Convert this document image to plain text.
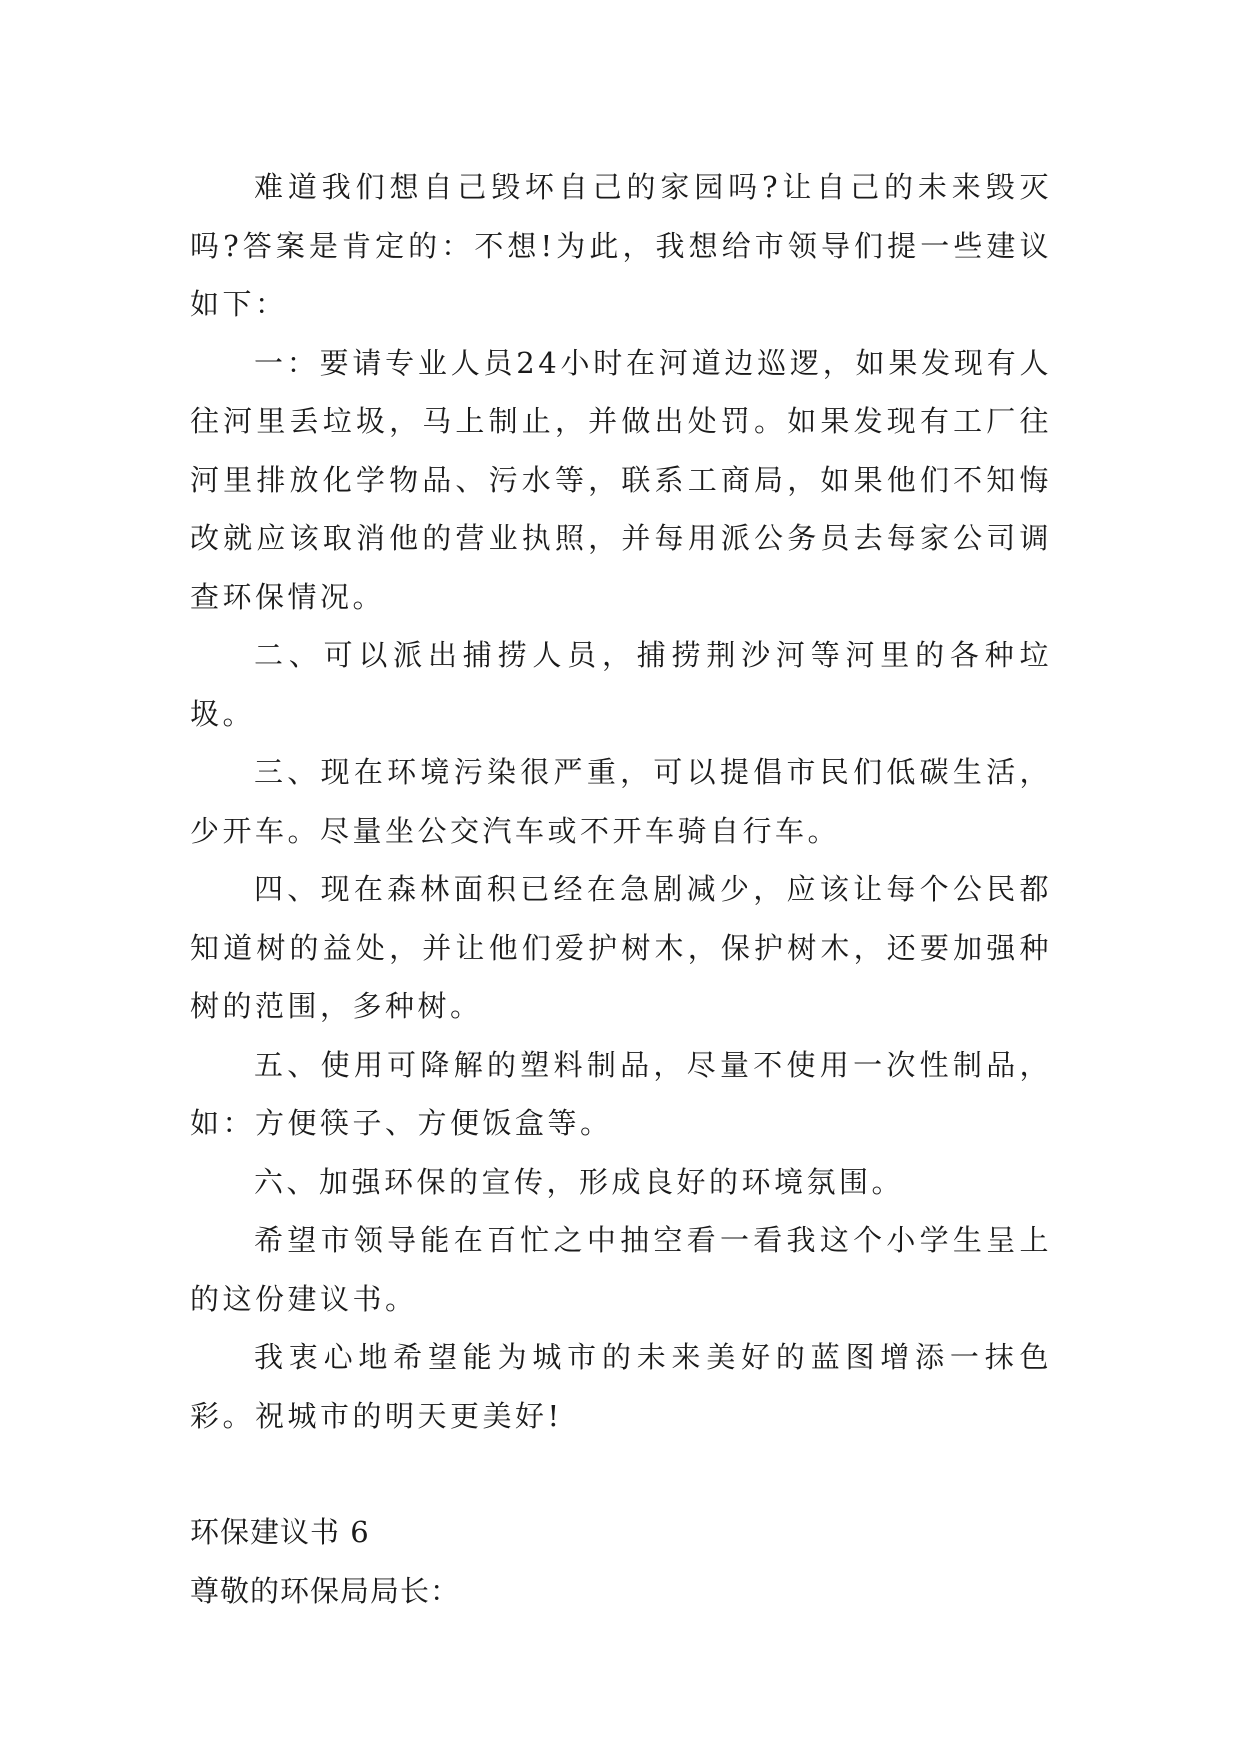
难道我们想自己毁坏自己的家园吗?让自己的未来毁灭吗?答案是肯定的：不想!为此，我想给市领导们提一些建议如下：

一：要请专业人员24小时在河道边巡逻，如果发现有人往河里丢垃圾，马上制止，并做出处罚。如果发现有工厂往河里排放化学物品、污水等，联系工商局，如果他们不知悔改就应该取消他的营业执照，并每用派公务员去每家公司调查环保情况。

二、可以派出捕捞人员，捕捞荆沙河等河里的各种垃圾。

三、现在环境污染很严重，可以提倡市民们低碳生活，少开车。尽量坐公交汽车或不开车骑自行车。

四、现在森林面积已经在急剧减少，应该让每个公民都知道树的益处，并让他们爱护树木，保护树木，还要加强种树的范围，多种树。

五、使用可降解的塑料制品，尽量不使用一次性制品，如：方便筷子、方便饭盒等。

六、加强环保的宣传，形成良好的环境氛围。

希望市领导能在百忙之中抽空看一看我这个小学生呈上的这份建议书。

我衷心地希望能为城市的未来美好的蓝图增添一抹色彩。祝城市的明天更美好!

环保建议书 6

尊敬的环保局局长：
